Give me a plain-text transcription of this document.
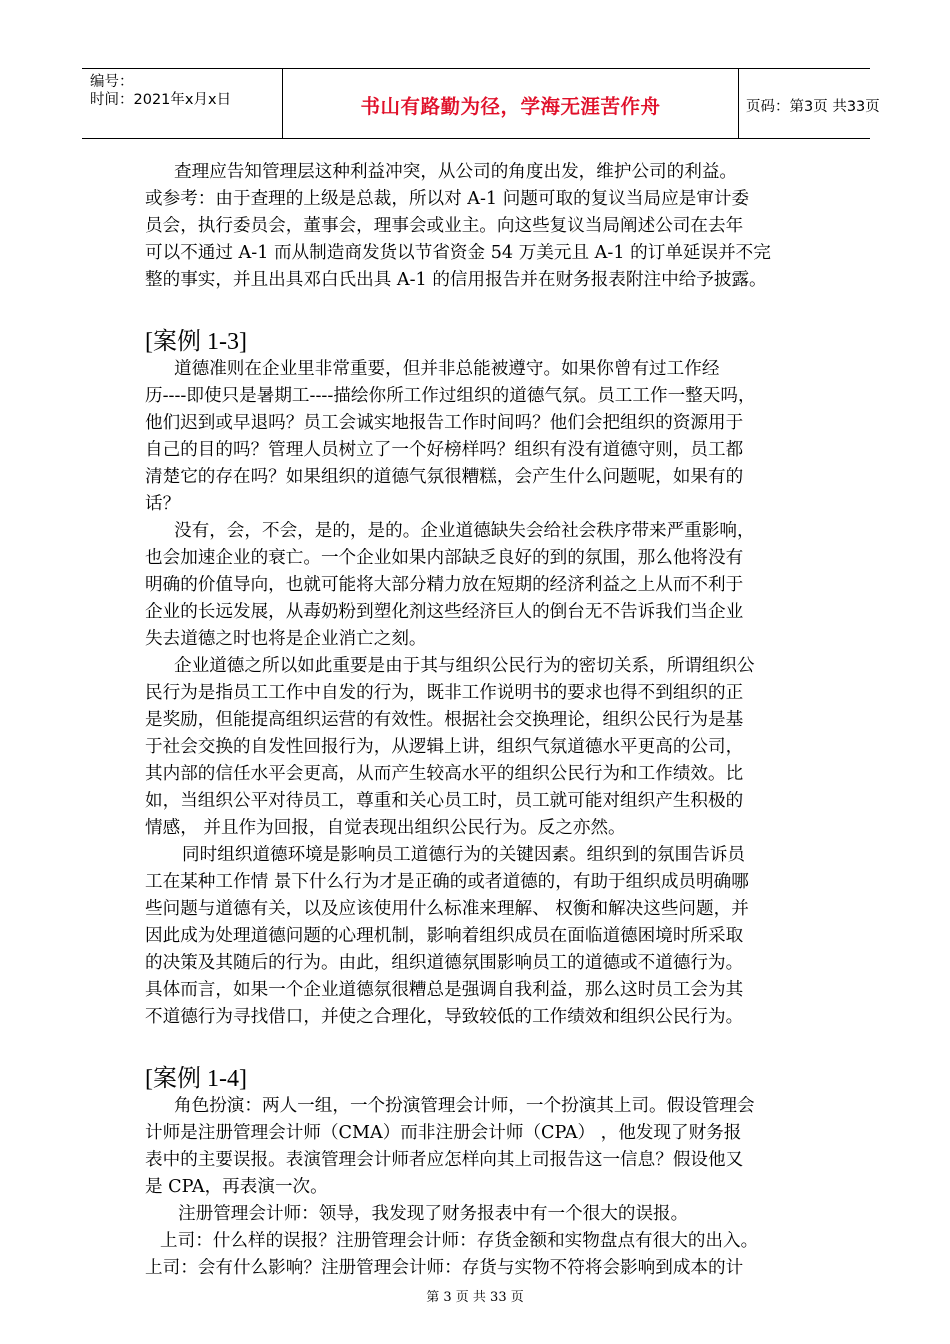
编号：
时间：2021年x月x日	书山有路勤为径，学海无涯苦作舟	页码：第3页 共33页
查理应告知管理层这种利益冲突，从公司的角度出发，维护公司的利益。
或参考：由于查理的上级是总裁，所以对 A-1 问题可取的复议当局应是审计委
员会，执行委员会，董事会，理事会或业主。向这些复议当局阐述公司在去年
可以不通过 A-1 而从制造商发货以节省资金 54 万美元且 A-1 的订单延误并不完
整的事实，并且出具邓白氏出具 A-1 的信用报告并在财务报表附注中给予披露。
[案例 1-3]
道德准则在企业里非常重要，但并非总能被遵守。如果你曾有过工作经
历----即使只是暑期工----描绘你所工作过组织的道德气氛。员工工作一整天吗，
他们迟到或早退吗？员工会诚实地报告工作时间吗？他们会把组织的资源用于
自己的目的吗？管理人员树立了一个好榜样吗？组织有没有道德守则，员工都
清楚它的存在吗？如果组织的道德气氛很糟糕，会产生什么问题呢，如果有的
话？
没有，会，不会，是的，是的。企业道德缺失会给社会秩序带来严重影响，
也会加速企业的衰亡。一个企业如果内部缺乏良好的到的氛围，那么他将没有
明确的价值导向，也就可能将大部分精力放在短期的经济利益之上从而不利于
企业的长远发展，从毒奶粉到塑化剂这些经济巨人的倒台无不告诉我们当企业
失去道德之时也将是企业消亡之刻。
企业道德之所以如此重要是由于其与组织公民行为的密切关系，所谓组织公
民行为是指员工工作中自发的行为，既非工作说明书的要求也得不到组织的正
是奖励，但能提高组织运营的有效性。根据社会交换理论，组织公民行为是基
于社会交换的自发性回报行为，从逻辑上讲，组织气氛道德水平更高的公司，
其内部的信任水平会更高，从而产生较高水平的组织公民行为和工作绩效。比
如，当组织公平对待员工，尊重和关心员工时，员工就可能对组织产生积极的
情感， 并且作为回报，自觉表现出组织公民行为。反之亦然。
同时组织道德环境是影响员工道德行为的关键因素。组织到的氛围告诉员
工在某种工作情 景下什么行为才是正确的或者道德的，有助于组织成员明确哪
些问题与道德有关，以及应该使用什么标准来理解、 权衡和解决这些问题，并
因此成为处理道德问题的心理机制，影响着组织成员在面临道德困境时所采取
的决策及其随后的行为。由此，组织道德氛围影响员工的道德或不道德行为。
具体而言，如果一个企业道德氛很糟总是强调自我利益，那么这时员工会为其
不道德行为寻找借口，并使之合理化，导致较低的工作绩效和组织公民行为。
[案例 1-4]
角色扮演：两人一组，一个扮演管理会计师，一个扮演其上司。假设管理会
计师是注册管理会计师（CMA）而非注册会计师（CPA） ，他发现了财务报
表中的主要误报。表演管理会计师者应怎样向其上司报告这一信息？假设他又
是 CPA，再表演一次。
注册管理会计师：领导，我发现了财务报表中有一个很大的误报。
上司：什么样的误报？注册管理会计师：存货金额和实物盘点有很大的出入。
上司：会有什么影响？注册管理会计师：存货与实物不符将会影响到成本的计
第 3 页 共 33 页
